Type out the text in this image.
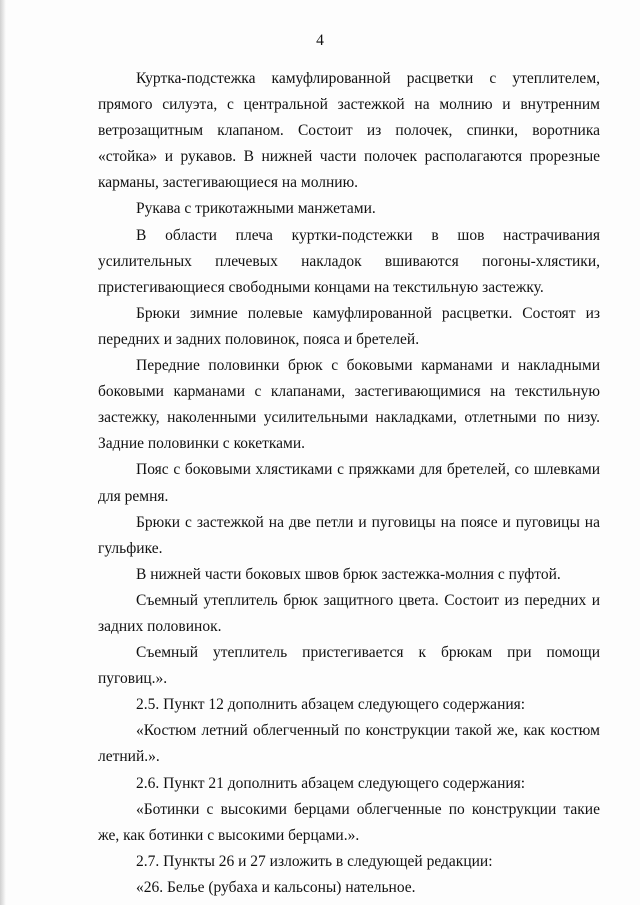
4

Куртка-подстежка камуфлированной расцветки с утеплителем, прямого силуэта, с центральной застежкой на молнию и внутренним ветрозащитным клапаном. Состоит из полочек, спинки, воротника «стойка» и рукавов. В нижней части полочек располагаются прорезные карманы, застегивающиеся на молнию.

Рукава с трикотажными манжетами.

В области плеча куртки-подстежки в шов настрачивания усилительных плечевых накладок вшиваются погоны-хлястики, пристегивающиеся свободными концами на текстильную застежку.

Брюки зимние полевые камуфлированной расцветки. Состоят из передних и задних половинок, пояса и бретелей.

Передние половинки брюк с боковыми карманами и накладными боковыми карманами с клапанами, застегивающимися на текстильную застежку, наколенными усилительными накладками, отлетными по низу. Задние половинки с кокетками.

Пояс с боковыми хлястиками с пряжками для бретелей, со шлевками для ремня.

Брюки с застежкой на две петли и пуговицы на поясе и пуговицы на гульфике.

В нижней части боковых швов брюк застежка-молния с пуфтой.

Съемный утеплитель брюк защитного цвета. Состоит из передних и задних половинок.

Съемный утеплитель пристегивается к брюкам при помощи пуговиц.».

2.5. Пункт 12 дополнить абзацем следующего содержания:

«Костюм летний облегченный по конструкции такой же, как костюм летний.».

2.6. Пункт 21 дополнить абзацем следующего содержания:

«Ботинки с высокими берцами облегченные по конструкции такие же, как ботинки с высокими берцами.».

2.7. Пункты 26 и 27 изложить в следующей редакции:

«26. Белье (рубаха и кальсоны) нательное.
